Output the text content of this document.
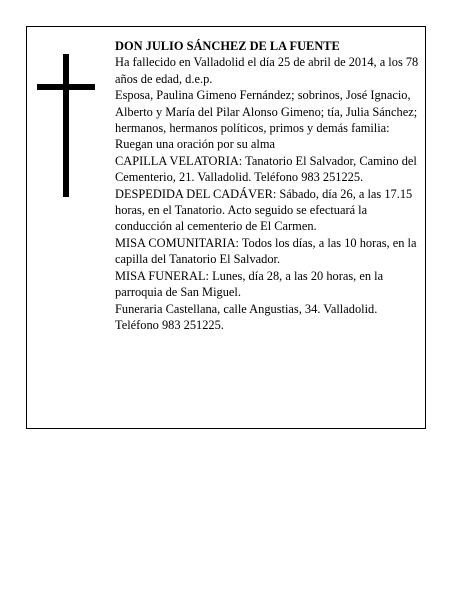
DON JULIO SÁNCHEZ DE LA FUENTE

Ha fallecido en Valladolid el día 25 de abril de 2014, a los 78 años de edad, d.e.p.

Esposa, Paulina Gimeno Fernández; sobrinos, José Ignacio, Alberto y María del Pilar Alonso Gimeno; tía, Julia Sánchez; hermanos, hermanos políticos, primos y demás familia:

Ruegan una oración por su alma

CAPILLA VELATORIA: Tanatorio El Salvador, Camino del Cementerio, 21. Valladolid. Teléfono 983 251225.

DESPEDIDA DEL CADÁVER: Sábado, día 26, a las 17.15 horas, en el Tanatorio. Acto seguido se efectuará la conducción al cementerio de El Carmen.

MISA COMUNITARIA: Todos los días, a las 10 horas, en la capilla del Tanatorio El Salvador.

MISA FUNERAL: Lunes, día 28, a las 20 horas, en la parroquia de San Miguel.

Funeraria Castellana, calle Angustias, 34. Valladolid. Teléfono 983 251225.
